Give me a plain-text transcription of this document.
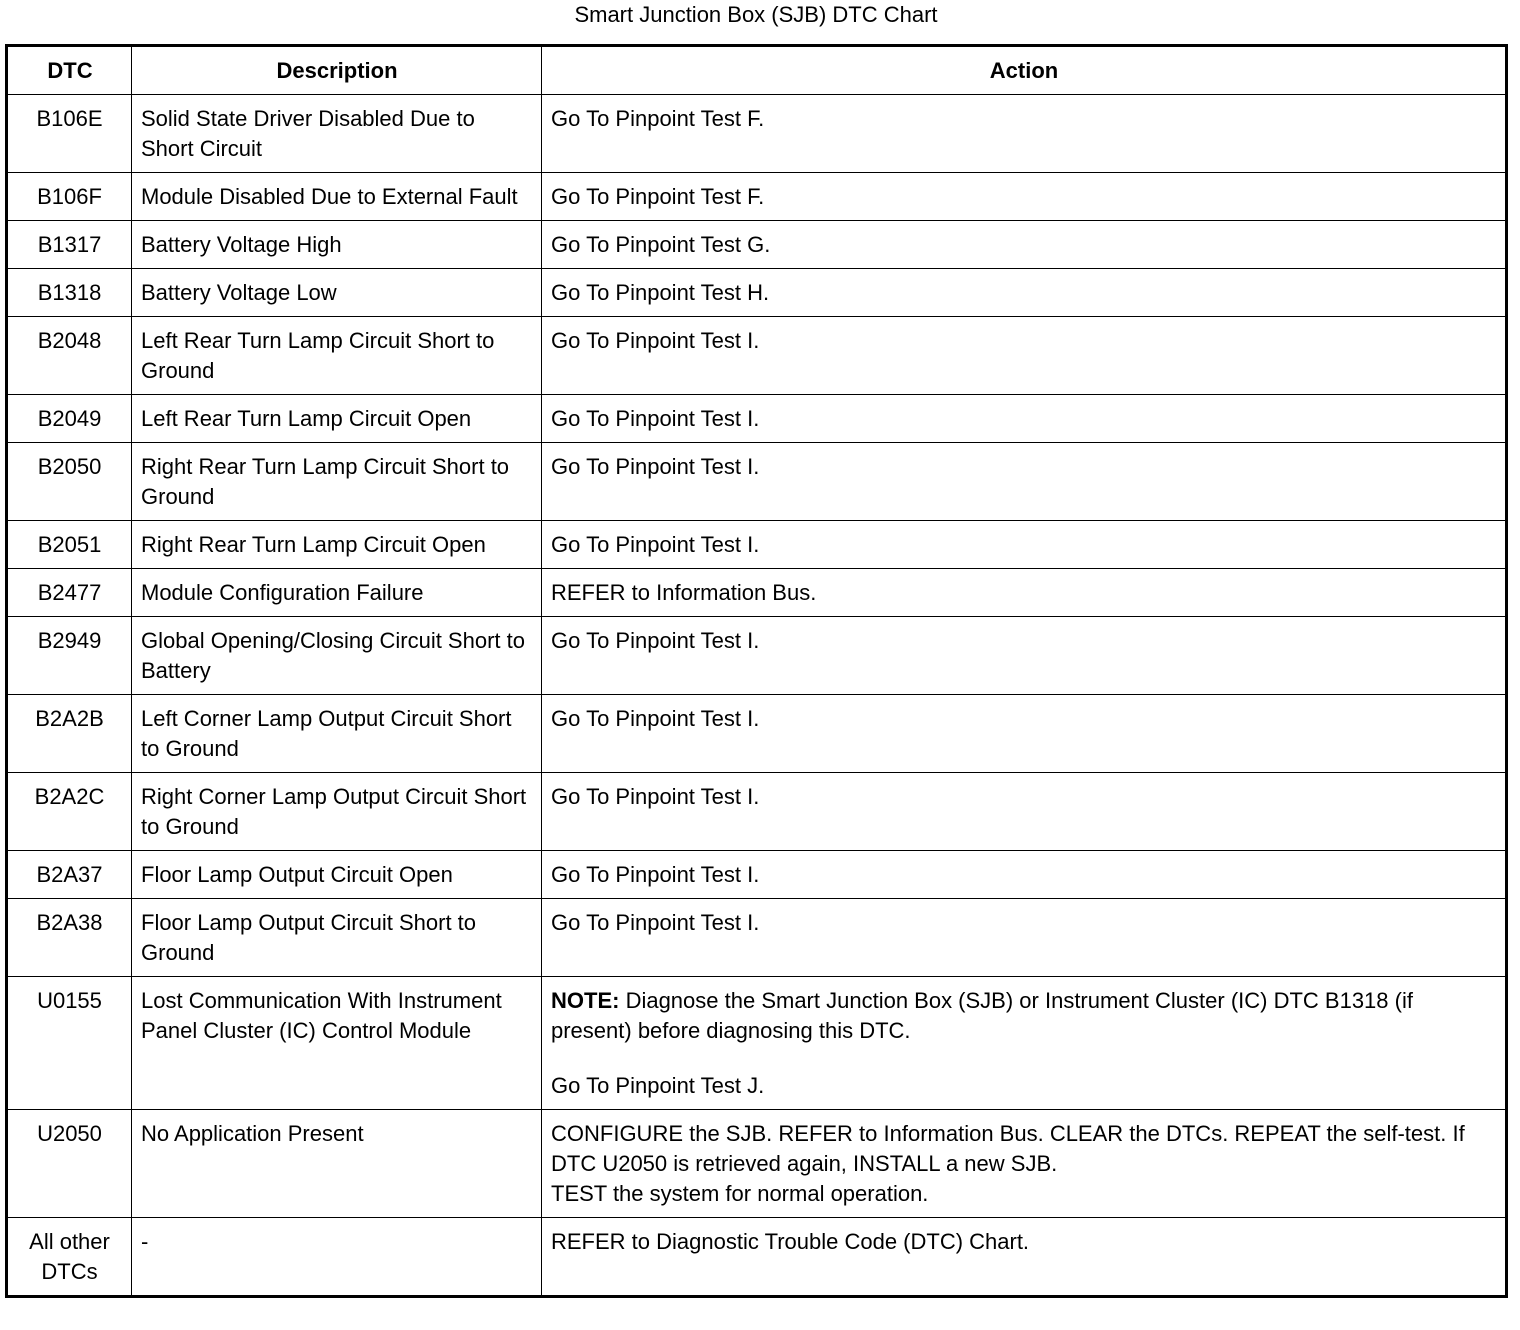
Smart Junction Box (SJB) DTC Chart
DTC	Description	Action
B106E	Solid State Driver Disabled Due to Short Circuit	Go To Pinpoint Test F.
B106F	Module Disabled Due to External Fault	Go To Pinpoint Test F.
B1317	Battery Voltage High	Go To Pinpoint Test G.
B1318	Battery Voltage Low	Go To Pinpoint Test H.
B2048	Left Rear Turn Lamp Circuit Short to Ground	Go To Pinpoint Test I.
B2049	Left Rear Turn Lamp Circuit Open	Go To Pinpoint Test I.
B2050	Right Rear Turn Lamp Circuit Short to Ground	Go To Pinpoint Test I.
B2051	Right Rear Turn Lamp Circuit Open	Go To Pinpoint Test I.
B2477	Module Configuration Failure	REFER to Information Bus.
B2949	Global Opening/Closing Circuit Short to Battery	Go To Pinpoint Test I.
B2A2B	Left Corner Lamp Output Circuit Short to Ground	Go To Pinpoint Test I.
B2A2C	Right Corner Lamp Output Circuit Short to Ground	Go To Pinpoint Test I.
B2A37	Floor Lamp Output Circuit Open	Go To Pinpoint Test I.
B2A38	Floor Lamp Output Circuit Short to Ground	Go To Pinpoint Test I.
U0155	Lost Communication With Instrument Panel Cluster (IC) Control Module	NOTE: Diagnose the Smart Junction Box (SJB) or Instrument Cluster (IC) DTC B1318 (if present) before diagnosing this DTC.
Go To Pinpoint Test J.

U2050	No Application Present	CONFIGURE the SJB. REFER to Information Bus. CLEAR the DTCs. REPEAT the self-test. If DTC U2050 is retrieved again, INSTALL a new SJB.
TEST the system for normal operation.

All other DTCs	-	REFER to Diagnostic Trouble Code (DTC) Chart.
